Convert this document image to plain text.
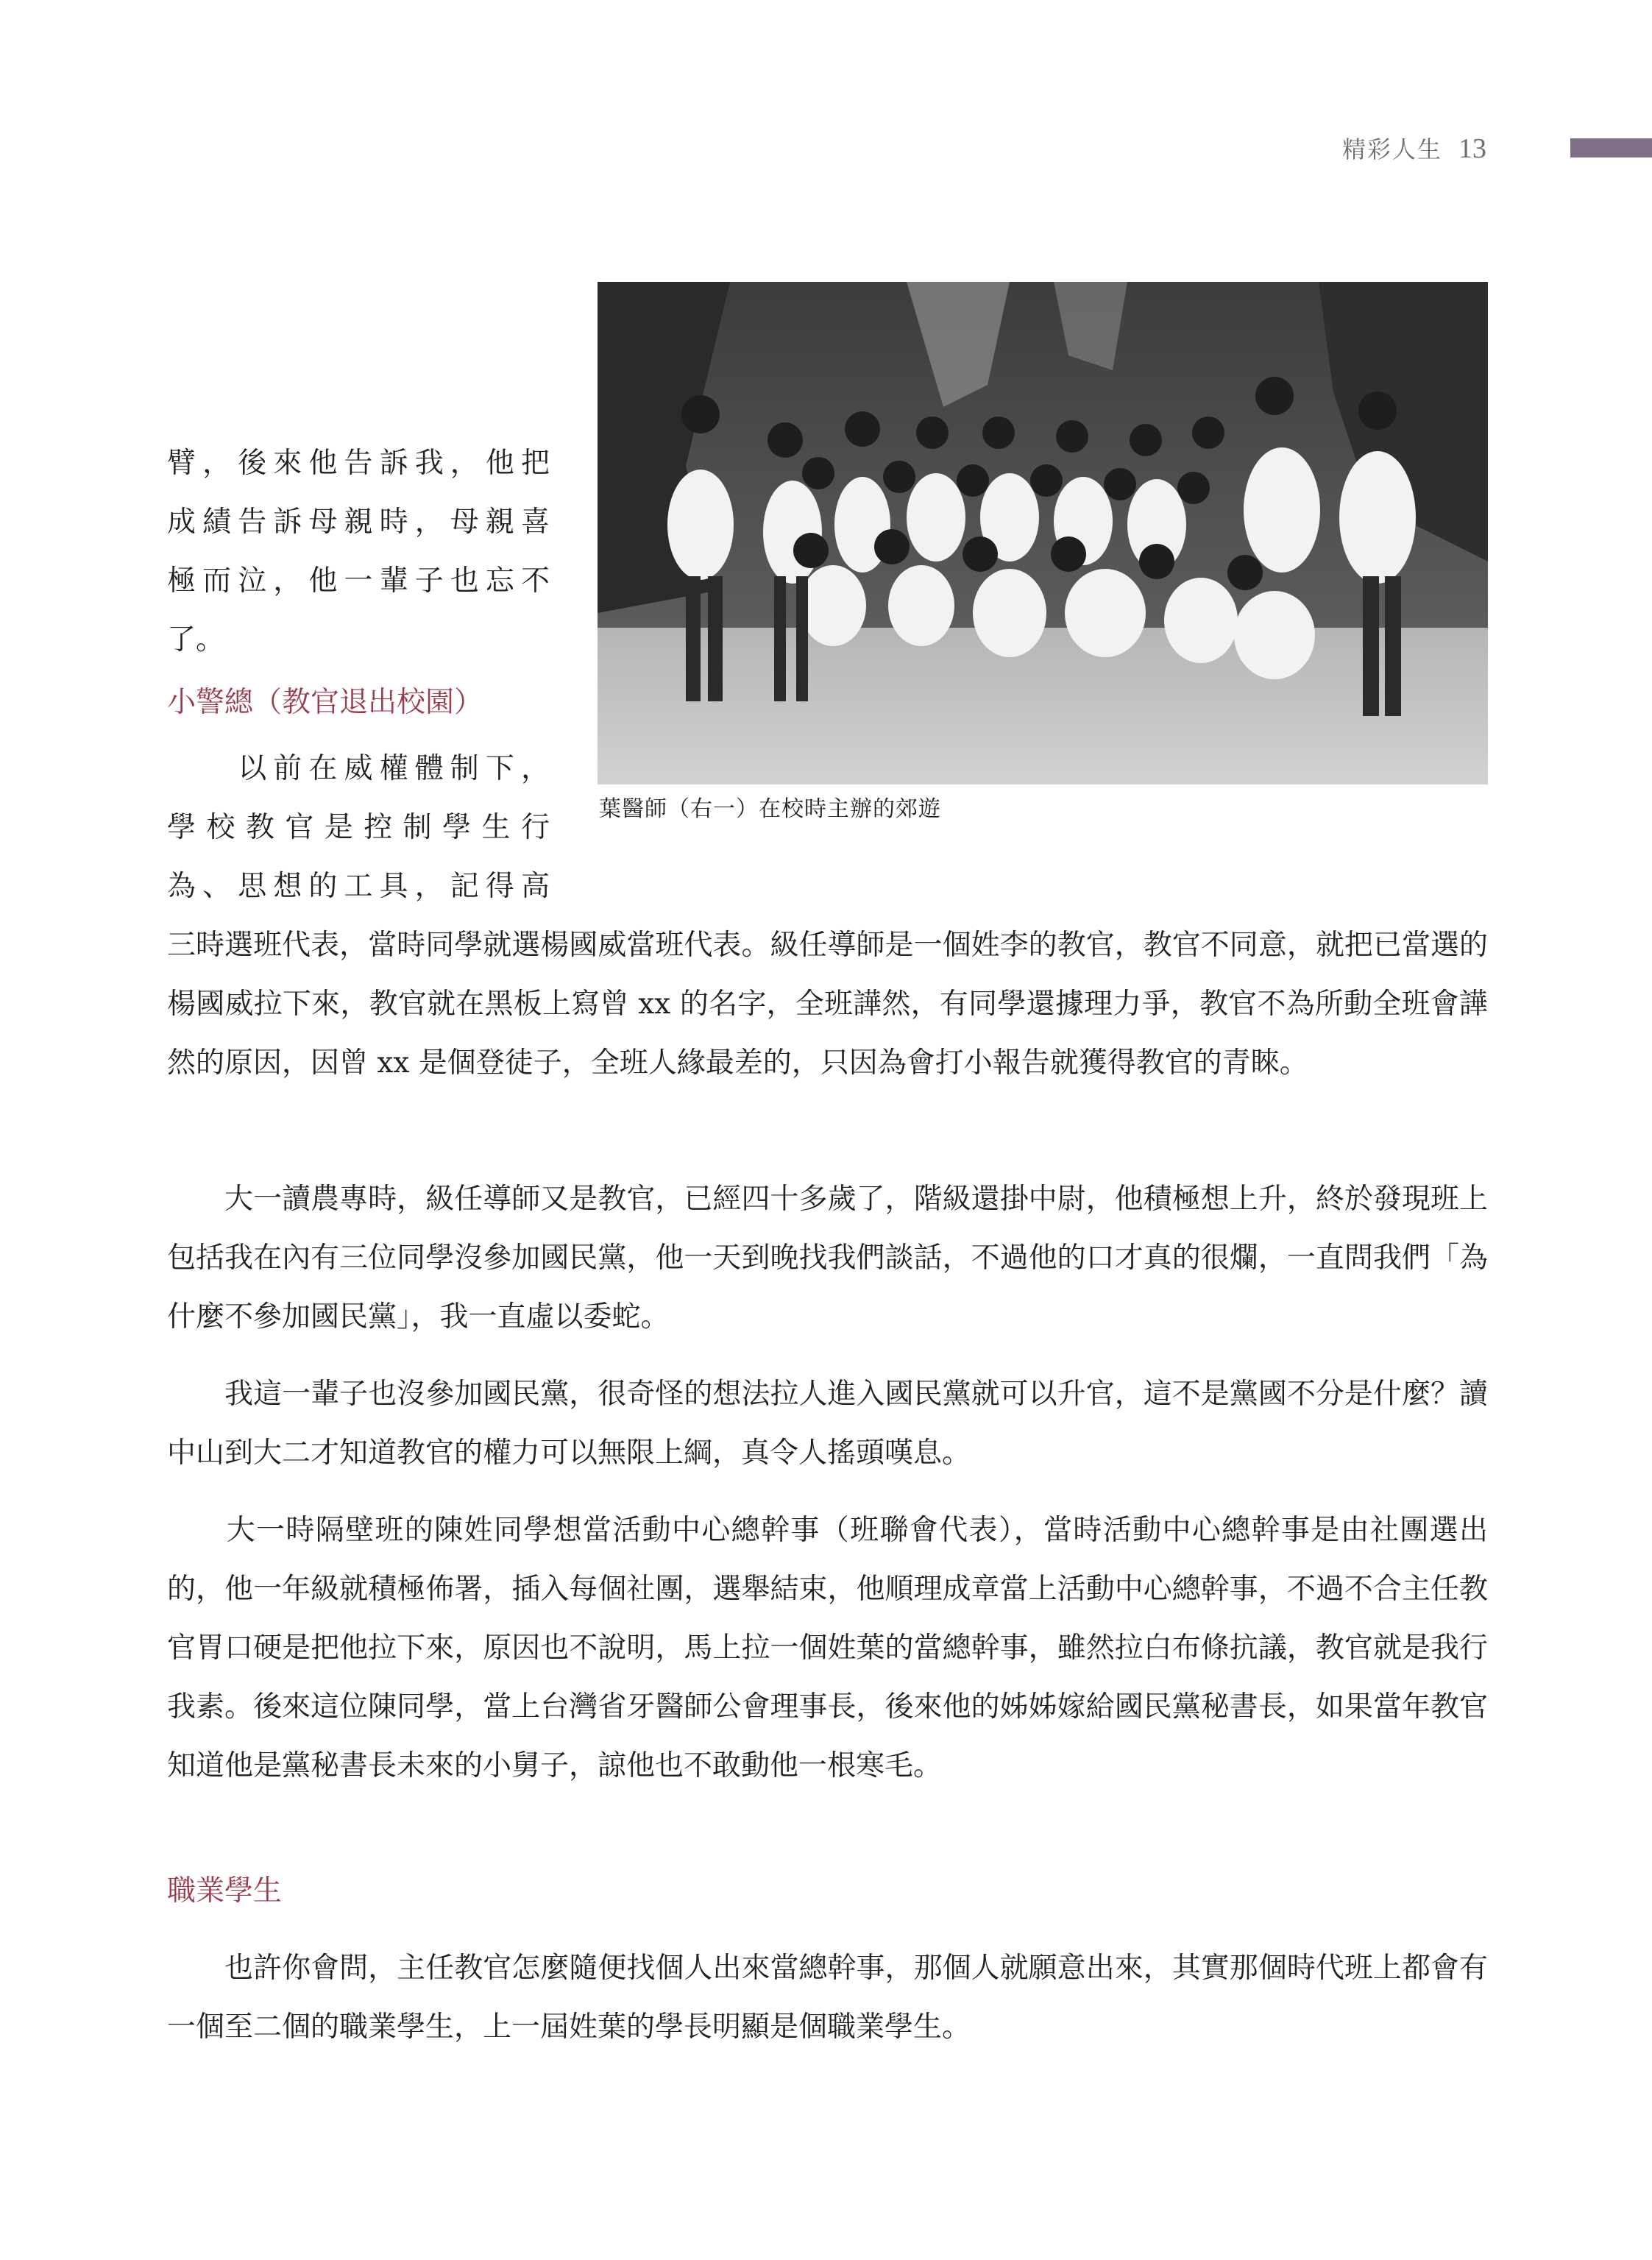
精彩人生 13
葉醫師（右一）在校時主辦的郊遊

臂，後來他告訴我，他把

成績告訴母親時，母親喜

極而泣，他一輩子也忘不

了。

小警總（教官退出校園）

　　以前在威權體制下，

學校教官是控制學生行

為、思想的工具，記得高

三時選班代表，當時同學就選楊國威當班代表。級任導師是一個姓李的教官，教官不同意，就把已當選的楊國威拉下來，教官就在黑板上寫曾 xx 的名字，全班譁然，有同學還據理力爭，教官不為所動全班會譁然的原因，因曾 xx 是個登徒子，全班人緣最差的，只因為會打小報告就獲得教官的青睞。

　　大一讀農專時，級任導師又是教官，已經四十多歲了，階級還掛中尉，他積極想上升，終於發現班上包括我在內有三位同學沒參加國民黨，他一天到晚找我們談話，不過他的口才真的很爛，一直問我們「為什麼不參加國民黨」，我一直虛以委蛇。

　　我這一輩子也沒參加國民黨，很奇怪的想法拉人進入國民黨就可以升官，這不是黨國不分是什麼？讀中山到大二才知道教官的權力可以無限上綱，真令人搖頭嘆息。

　　大一時隔壁班的陳姓同學想當活動中心總幹事（班聯會代表），當時活動中心總幹事是由社團選出的，他一年級就積極佈署，插入每個社團，選舉結束，他順理成章當上活動中心總幹事，不過不合主任教官胃口硬是把他拉下來，原因也不說明，馬上拉一個姓葉的當總幹事，雖然拉白布條抗議，教官就是我行我素。後來這位陳同學，當上台灣省牙醫師公會理事長，後來他的姊姊嫁給國民黨秘書長，如果當年教官知道他是黨秘書長未來的小舅子，諒他也不敢動他一根寒毛。

職業學生

　　也許你會問，主任教官怎麼隨便找個人出來當總幹事，那個人就願意出來，其實那個時代班上都會有一個至二個的職業學生，上一屆姓葉的學長明顯是個職業學生。
